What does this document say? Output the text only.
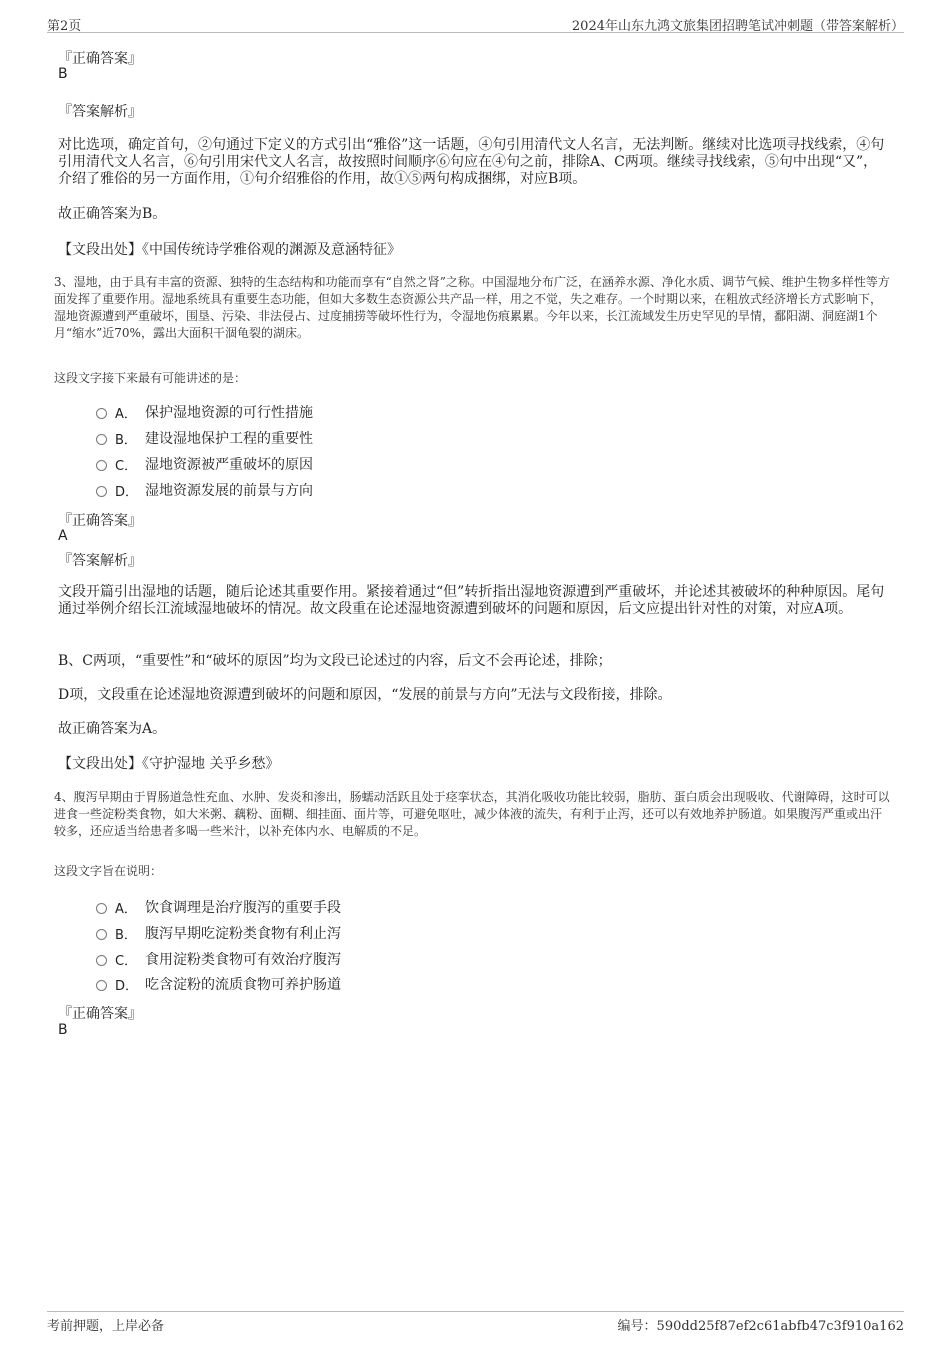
第2页	2024年山东九鸿文旅集团招聘笔试冲刺题（带答案解析）
『正确答案』
B
『答案解析』
对比选项，确定首句，②句通过下定义的方式引出“雅俗”这一话题，④句引用清代文人名言，无法判断。继续对比选项寻找线索，④句引用清代文人名言，⑥句引用宋代文人名言，故按照时间顺序⑥句应在④句之前，排除A、C两项。继续寻找线索，⑤句中出现“又”，介绍了雅俗的另一方面作用，①句介绍雅俗的作用，故①⑤两句构成捆绑，对应B项。
故正确答案为B。
【文段出处】《中国传统诗学雅俗观的渊源及意涵特征》
3、湿地，由于具有丰富的资源、独特的生态结构和功能而享有“自然之肾”之称。中国湿地分布广泛，在涵养水源、净化水质、调节气候、维护生物多样性等方面发挥了重要作用。湿地系统具有重要生态功能，但如大多数生态资源公共产品一样，用之不觉，失之难存。一个时期以来，在粗放式经济增长方式影响下，湿地资源遭到严重破坏，围垦、污染、非法侵占、过度捕捞等破坏性行为，令湿地伤痕累累。今年以来，长江流域发生历史罕见的旱情，鄱阳湖、洞庭湖1个月“缩水”近70%，露出大面积干涸龟裂的湖床。
这段文字接下来最有可能讲述的是：
A． 保护湿地资源的可行性措施
B． 建设湿地保护工程的重要性
C． 湿地资源被严重破坏的原因
D． 湿地资源发展的前景与方向
『正确答案』
A
『答案解析』
文段开篇引出湿地的话题，随后论述其重要作用。紧接着通过“但”转折指出湿地资源遭到严重破坏，并论述其被破坏的种种原因。尾句通过举例介绍长江流域湿地破坏的情况。故文段重在论述湿地资源遭到破坏的问题和原因，后文应提出针对性的对策，对应A项。
B、C两项，“重要性”和“破坏的原因”均为文段已论述过的内容，后文不会再论述，排除；
D项，文段重在论述湿地资源遭到破坏的问题和原因，“发展的前景与方向”无法与文段衔接，排除。
故正确答案为A。
【文段出处】《守护湿地 关乎乡愁》
4、腹泻早期由于胃肠道急性充血、水肿、发炎和渗出，肠蠕动活跃且处于痉挛状态，其消化吸收功能比较弱，脂肪、蛋白质会出现吸收、代谢障碍，这时可以进食一些淀粉类食物，如大米粥、藕粉、面糊、细挂面、面片等，可避免呕吐，减少体液的流失，有利于止泻，还可以有效地养护肠道。如果腹泻严重或出汗较多，还应适当给患者多喝一些米汁，以补充体内水、电解质的不足。
这段文字旨在说明：
A． 饮食调理是治疗腹泻的重要手段
B． 腹泻早期吃淀粉类食物有利止泻
C． 食用淀粉类食物可有效治疗腹泻
D． 吃含淀粉的流质食物可养护肠道
『正确答案』
B
考前押题，上岸必备	编号：590dd25f87ef2c61abfb47c3f910a162
